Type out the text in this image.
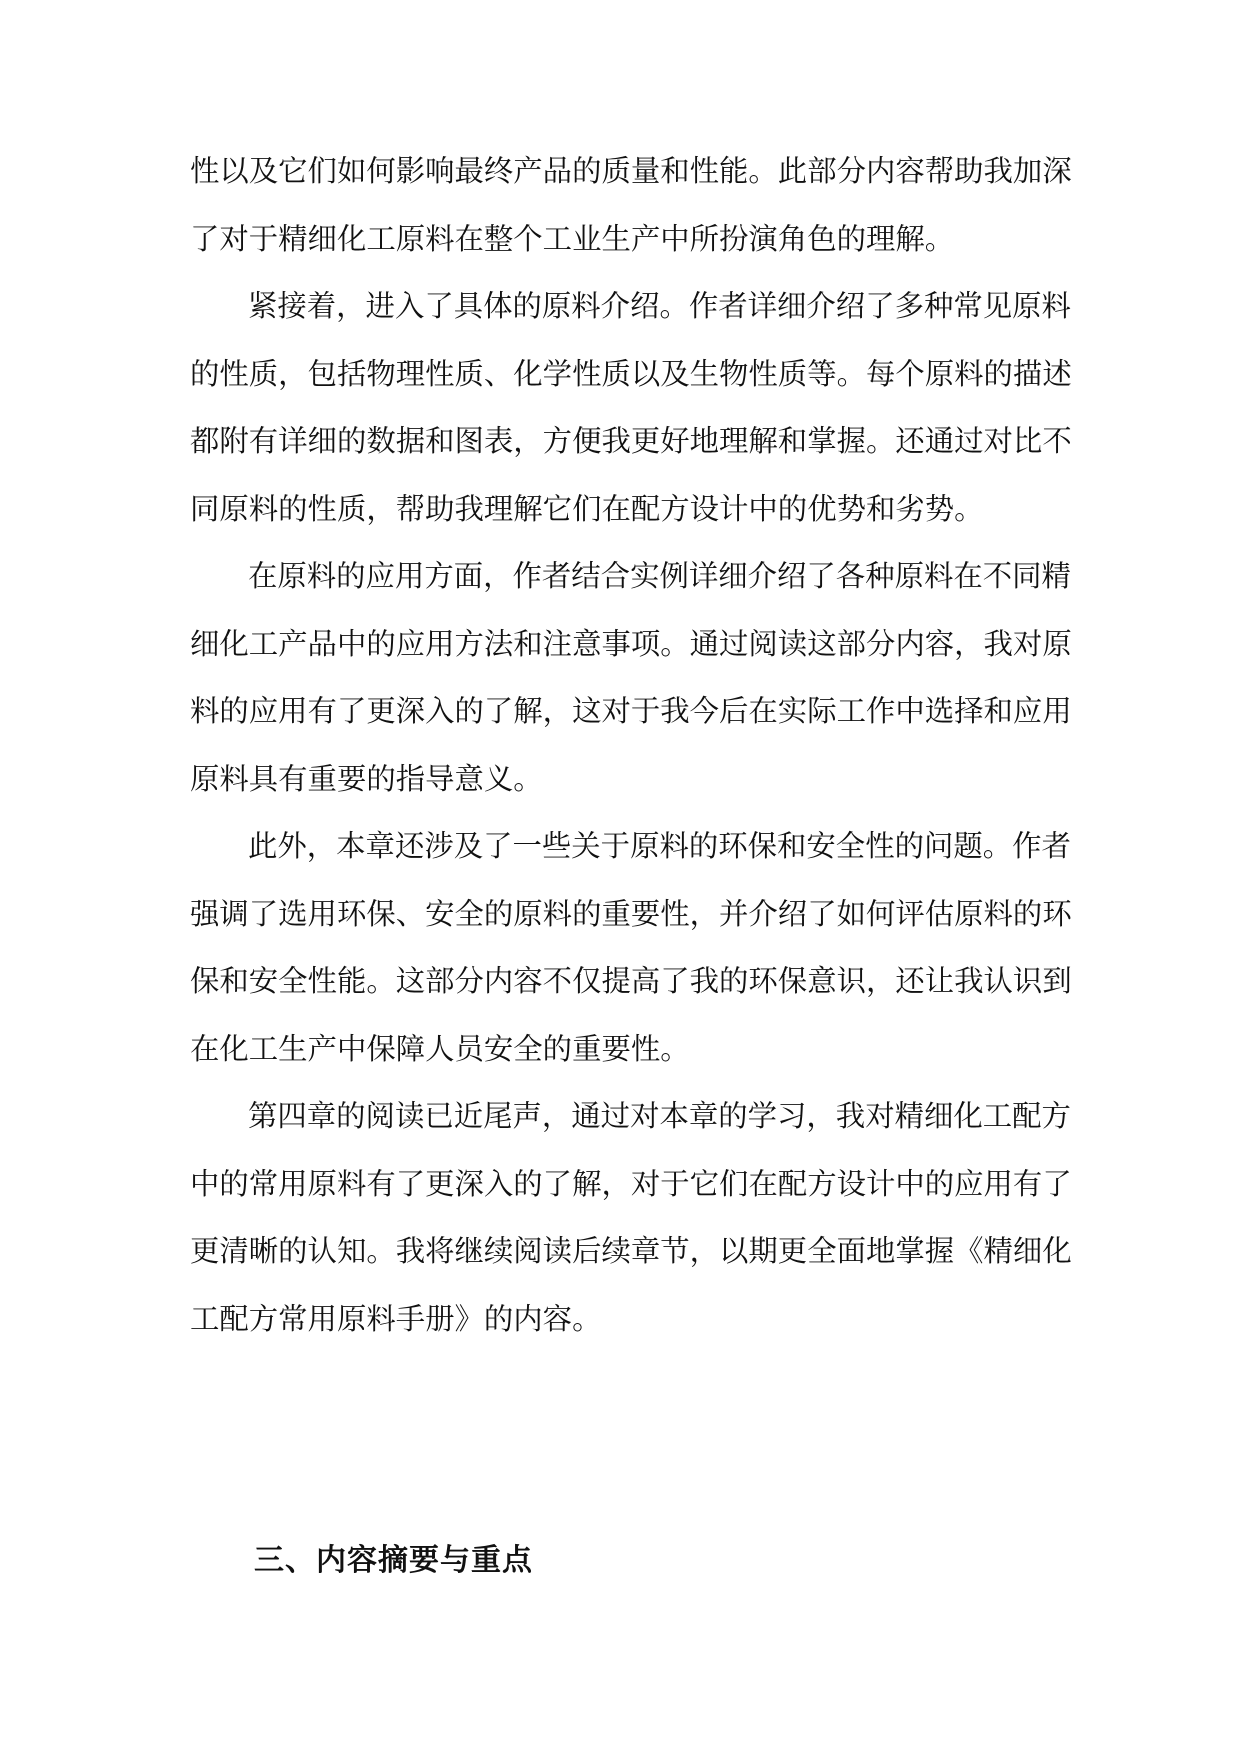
性以及它们如何影响最终产品的质量和性能。此部分内容帮助我加深
了对于精细化工原料在整个工业生产中所扮演角色的理解。
紧接着，进入了具体的原料介绍。作者详细介绍了多种常见原料
的性质，包括物理性质、化学性质以及生物性质等。每个原料的描述
都附有详细的数据和图表，方便我更好地理解和掌握。还通过对比不
同原料的性质，帮助我理解它们在配方设计中的优势和劣势。
在原料的应用方面，作者结合实例详细介绍了各种原料在不同精
细化工产品中的应用方法和注意事项。通过阅读这部分内容，我对原
料的应用有了更深入的了解，这对于我今后在实际工作中选择和应用
原料具有重要的指导意义。
此外，本章还涉及了一些关于原料的环保和安全性的问题。作者
强调了选用环保、安全的原料的重要性，并介绍了如何评估原料的环
保和安全性能。这部分内容不仅提高了我的环保意识，还让我认识到
在化工生产中保障人员安全的重要性。
第四章的阅读已近尾声，通过对本章的学习，我对精细化工配方
中的常用原料有了更深入的了解，对于它们在配方设计中的应用有了
更清晰的认知。我将继续阅读后续章节，以期更全面地掌握《精细化
工配方常用原料手册》的内容。
三、内容摘要与重点
